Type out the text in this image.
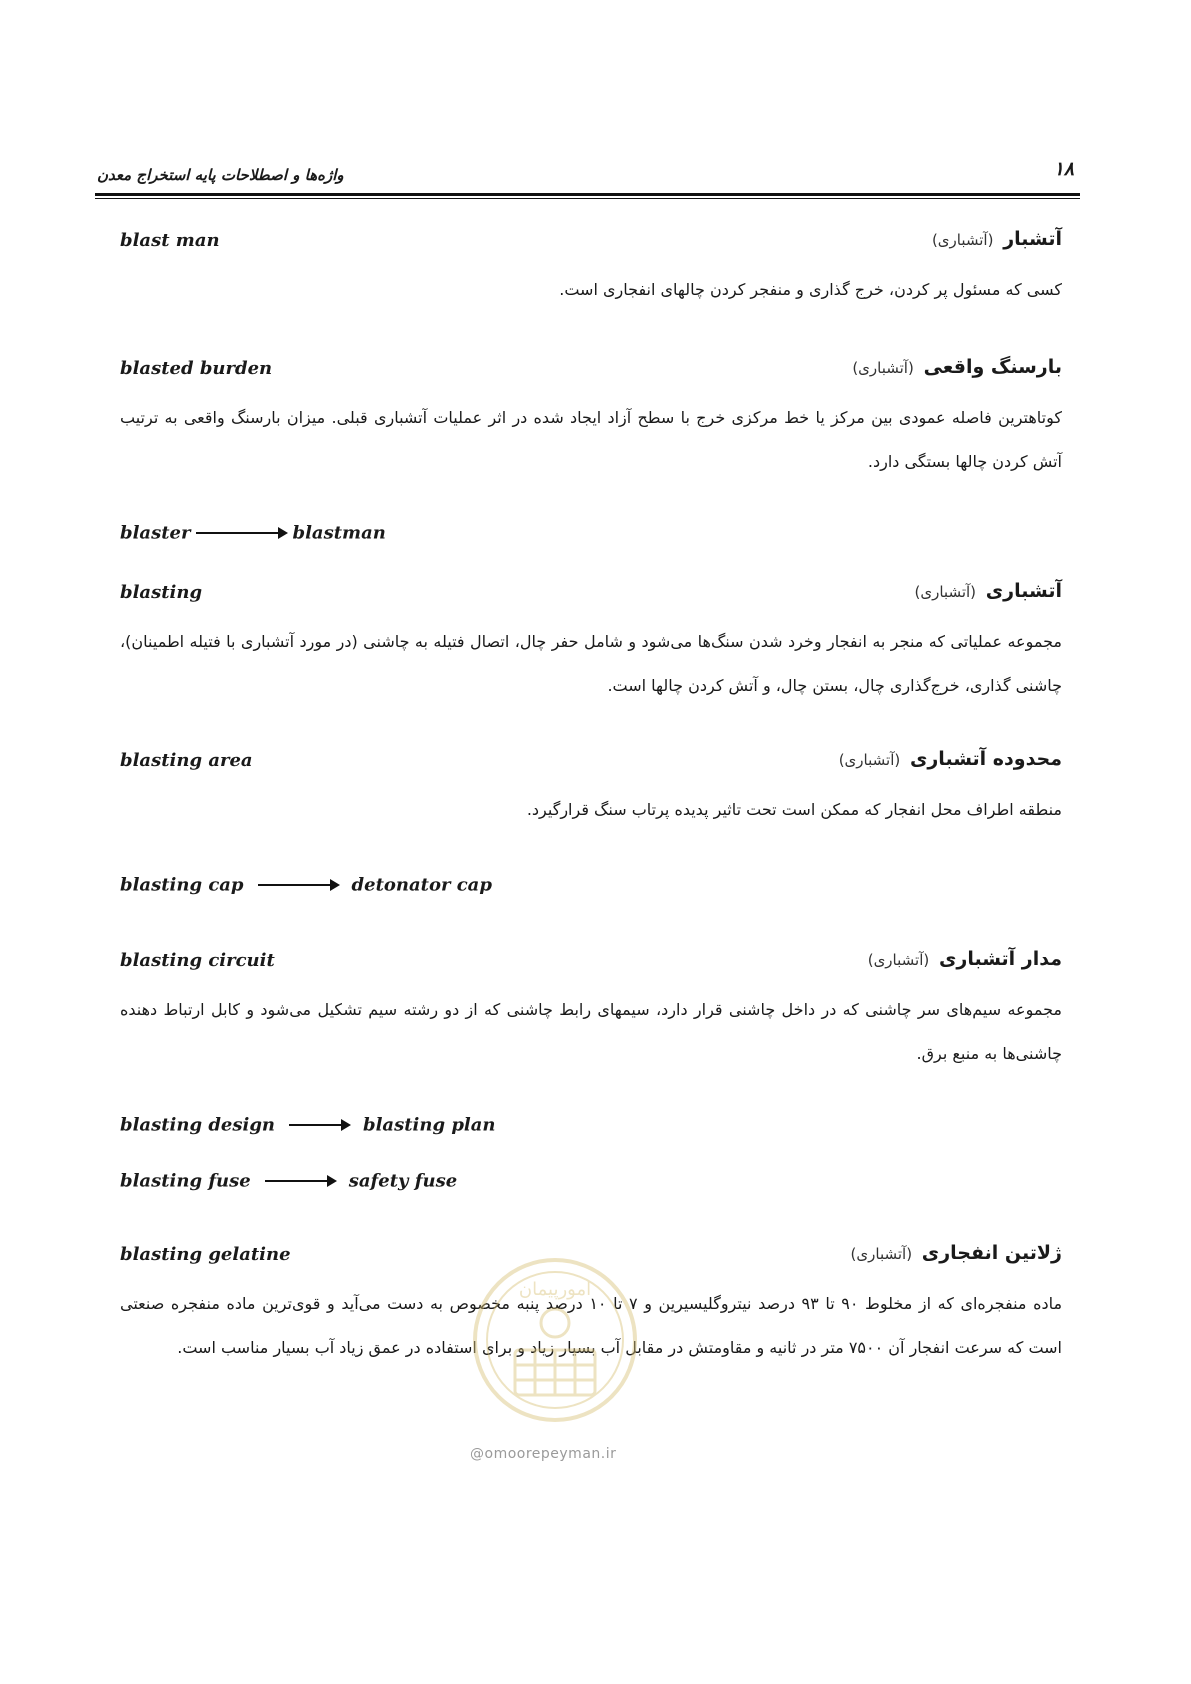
۱۸
واژه‌ها و اصطلاحات پایه استخراج معدن
blast man	آتشبار (آتشباری)
کسی که مسئول پر کردن، خرج گذاری و منفجر کردن چالهای انفجاری است.
blasted burden	بارسنگ واقعی (آتشباری)
کوتاهترین فاصله عمودی بین مرکز یا خط مرکزی خرج با سطح آزاد ایجاد شده در اثر عملیات آتشباری قبلی. میزان بارسنگ واقعی به ترتیب آتش کردن چالها بستگی دارد.
blaster	blastman
blasting	آتشباری (آتشباری)
مجموعه عملیاتی که منجر به انفجار وخرد شدن سنگ‌ها می‌شود و شامل حفر چال، اتصال فتیله به چاشنی (در مورد آتشباری با فتیله اطمینان)، چاشنی گذاری، خرج‌گذاری چال، بستن چال، و آتش کردن چالها است.
blasting area	محدوده آتشباری (آتشباری)
منطقه اطراف محل انفجار که ممکن است تحت تاثیر پدیده پرتاب سنگ قرارگیرد.
blasting cap	detonator cap
blasting circuit	مدار آتشباری (آتشباری)
مجموعه سیم‌های سر چاشنی که در داخل چاشنی قرار دارد، سیمهای رابط چاشنی که از دو رشته سیم تشکیل می‌شود و کابل ارتباط دهنده چاشنی‌ها به منبع برق.
blasting design	blasting plan
blasting fuse	safety fuse
blasting gelatine	ژلاتین انفجاری (آتشباری)
ماده منفجره‌ای که از مخلوط ۹۰ تا ۹۳ درصد نیتروگلیسیرین و ۷ تا ۱۰ درصد پنبه مخصوص به دست می‌آید و قوی‌ترین ماده منفجره صنعتی است که سرعت انفجار آن ۷۵۰۰ متر در ثانیه و مقاومتش در مقابل آب بسیار زیاد و برای استفاده در عمق زیاد آب بسیار مناسب است.
امورپیمان
@omoorepeyman.ir
